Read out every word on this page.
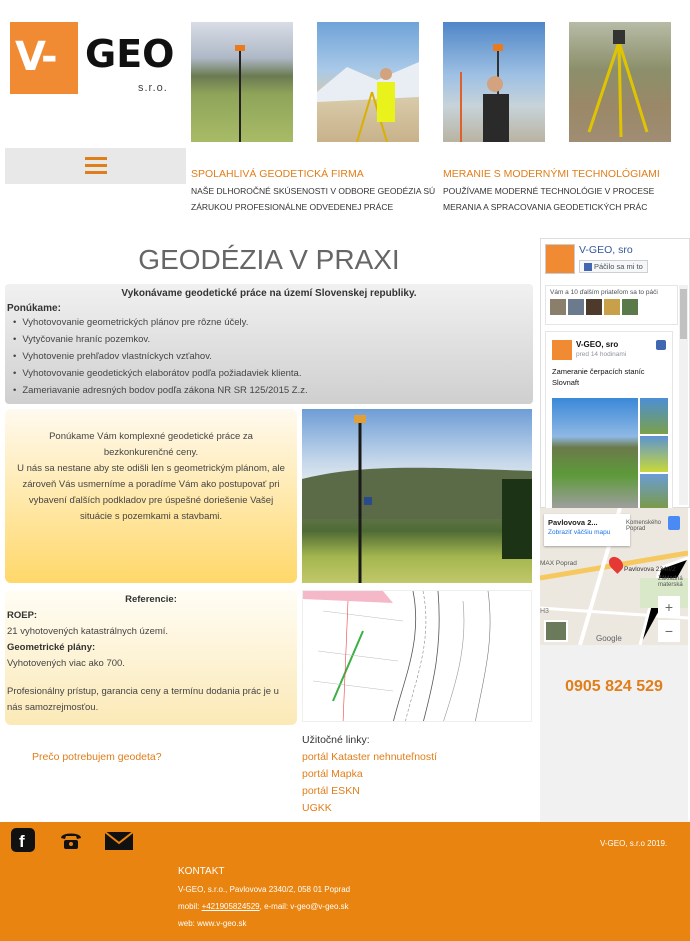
V- GEO
s.r.o.
SPOLAHLIVÁ GEODETICKÁ FIRMA
NAŠE DLHOROČNÉ SKÚSENOSTI V ODBORE GEODÉZIA SÚ
ZÁRUKOU PROFESIONÁLNE ODVEDENEJ PRÁCE
MERANIE S MODERNÝMI TECHNOLÓGIAMI
POUŽÍVAME MODERNÉ TECHNOLÓGIE V PROCESE
MERANIA A SPRACOVANIA GEODETICKÝCH PRÁC
GEODÉZIA V PRAXI
Vykonávame geodetické práce na území Slovenskej republiky.
Ponúkame:
• Vyhotovovanie geometrických plánov pre rôzne účely.
• Vytyčovanie hraníc pozemkov.
• Vyhotovenie prehľadov vlastníckych vzťahov.
• Vyhotovovanie geodetických elaborátov podľa požiadaviek klienta.
• Zameriavanie adresných bodov podľa zákona NR SR 125/2015 Z.z.
Ponúkame Vám komplexné geodetické práce za
bezkonkurenčné ceny.
U nás sa nestane aby ste odišli len s geometrickým plánom, ale
zároveň Vás usmerníme a poradíme Vám ako postupovať pri
vybavení ďalších podkladov pre úspešné doriešenie Vašej
situácie s pozemkami a stavbami.
Referencie:
ROEP:
21 vyhotovených katastrálnych území.
Geometrické plány:
Vyhotovených viac ako 700.
Profesionálny prístup, garancia ceny a termínu dodania prác je u nás samozrejmosťou.
Prečo potrebujem geodeta?
Užitočné linky:
portál Kataster nehnuteľností
portál Mapka
portál ESKN
UGKK
V-GEO, sro
Páčilo sa mi to
Vám a 10 ďalším priateľom sa to páči
V-GEO, sro
pred 14 hodinami
Zameranie čerpacích staníc Slovnaft
Pavlovova 2...
Zobraziť väčšiu mapu
Pavlovova 2340/2
MAX Poprad
Komenského Poprad
Základná materská
H3	+
−
Google
0905 824 529
f	V-GEO, s.r.o 2019.
KONTAKT
V-GEO, s.r.o., Pavlovova 2340/2, 058 01 Poprad
mobil: +421905824529, e-mail: v-geo@v-geo.sk
web: www.v-geo.sk
